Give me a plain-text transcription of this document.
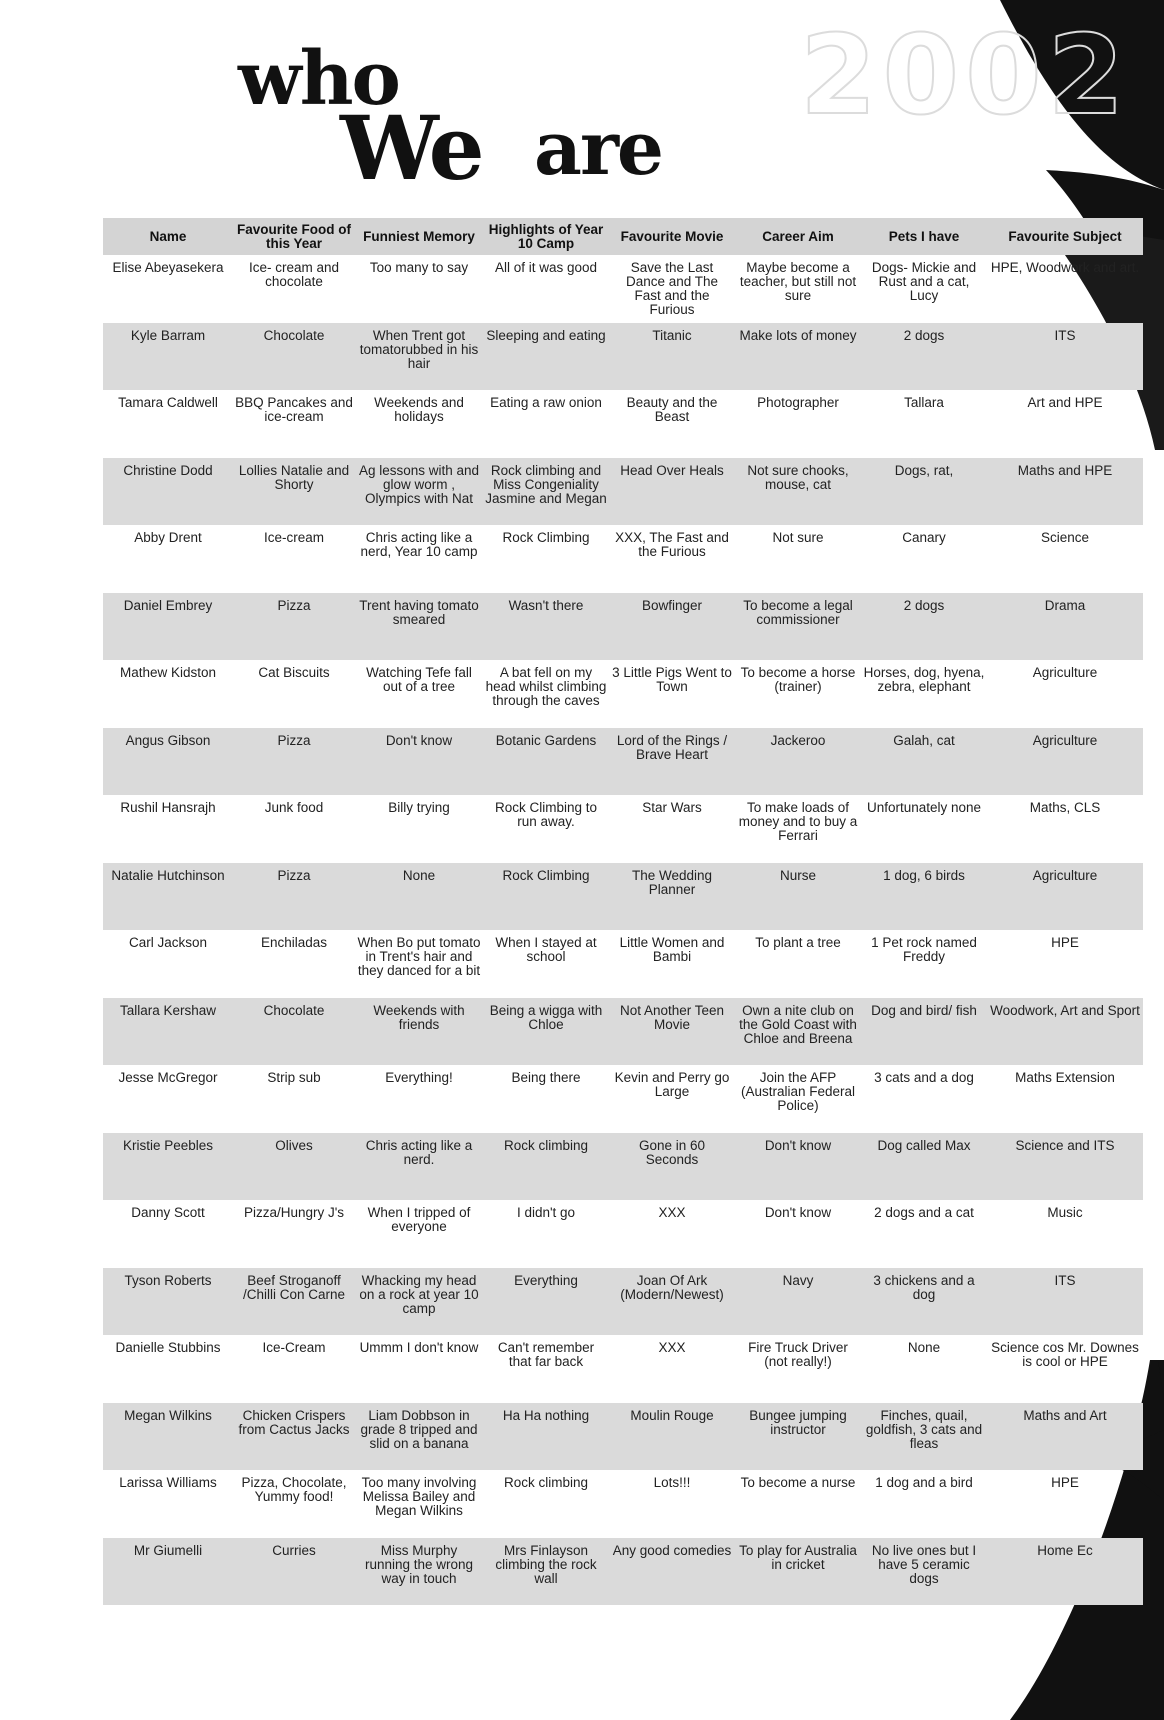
2002
who
We are
Name	Favourite Food of this Year	Funniest Memory	Highlights of Year 10 Camp	Favourite Movie	Career Aim	Pets I have	Favourite Subject
Elise Abeyasekera	Ice- cream and chocolate	Too many to say	All of it was good	Save the Last Dance and The Fast and the Furious	Maybe become a teacher, but still not sure	Dogs- Mickie and Rust and a cat, Lucy	HPE, Woodwork and art.
Kyle Barram	Chocolate	When Trent got tomatorubbed in his hair	Sleeping and eating	Titanic	Make lots of money	2 dogs	ITS
Tamara Caldwell	BBQ Pancakes and ice-cream	Weekends and holidays	Eating a raw onion	Beauty and the Beast	Photographer	Tallara	Art and HPE
Christine Dodd	Lollies Natalie and Shorty	Ag lessons with and glow worm , Olympics with Nat	Rock climbing and Miss Congeniality Jasmine and Megan	Head Over Heals	Not sure chooks, mouse, cat	Dogs, rat,	Maths and HPE
Abby Drent	Ice-cream	Chris acting like a nerd, Year 10 camp	Rock Climbing	XXX, The Fast and the Furious	Not sure	Canary	Science
Daniel Embrey	Pizza	Trent having tomato smeared	Wasn't there	Bowfinger	To become a legal commissioner	2 dogs	Drama
Mathew Kidston	Cat Biscuits	Watching Tefe fall out of a tree	A bat fell on my head whilst climbing through the caves	3 Little Pigs Went to Town	To become a horse (trainer)	Horses, dog, hyena, zebra, elephant	Agriculture
Angus Gibson	Pizza	Don't know	Botanic Gardens	Lord of the Rings / Brave Heart	Jackeroo	Galah, cat	Agriculture
Rushil Hansrajh	Junk food	Billy trying	Rock Climbing to run away.	Star Wars	To make loads of money and to buy a Ferrari	Unfortunately none	Maths, CLS
Natalie Hutchinson	Pizza	None	Rock Climbing	The Wedding Planner	Nurse	1 dog, 6 birds	Agriculture
Carl Jackson	Enchiladas	When Bo put tomato in Trent's hair and they danced for a bit	When I stayed at school	Little Women and Bambi	To plant a tree	1 Pet rock named Freddy	HPE
Tallara Kershaw	Chocolate	Weekends with friends	Being a wigga with Chloe	Not Another Teen Movie	Own a nite club on the Gold Coast with Chloe and Breena	Dog and bird/ fish	Woodwork, Art and Sport
Jesse McGregor	Strip sub	Everything!	Being there	Kevin and Perry go Large	Join the AFP (Australian Federal Police)	3 cats and a dog	Maths Extension
Kristie Peebles	Olives	Chris acting like a nerd.	Rock climbing	Gone in 60 Seconds	Don't know	Dog called Max	Science and ITS
Danny Scott	Pizza/Hungry J's	When I tripped of everyone	I didn't go	XXX	Don't know	2 dogs and a cat	Music
Tyson Roberts	Beef Stroganoff /Chilli Con Carne	Whacking my head on a rock at year 10 camp	Everything	Joan Of Ark (Modern/Newest)	Navy	3 chickens and a dog	ITS
Danielle Stubbins	Ice-Cream	Ummm I don't know	Can't remember that far back	XXX	Fire Truck Driver (not really!)	None	Science cos Mr. Downes is cool or HPE
Megan Wilkins	Chicken Crispers from Cactus Jacks	Liam Dobbson in grade 8 tripped and slid on a banana	Ha Ha nothing	Moulin Rouge	Bungee jumping instructor	Finches, quail, goldfish, 3 cats and fleas	Maths and Art
Larissa Williams	Pizza, Chocolate, Yummy food!	Too many involving Melissa Bailey and Megan Wilkins	Rock climbing	Lots!!!	To become a nurse	1 dog and a bird	HPE
Mr Giumelli	Curries	Miss Murphy running the wrong way in touch	Mrs Finlayson climbing the rock wall	Any good comedies	To play for Australia in cricket	No live ones but I have 5 ceramic dogs	Home Ec
